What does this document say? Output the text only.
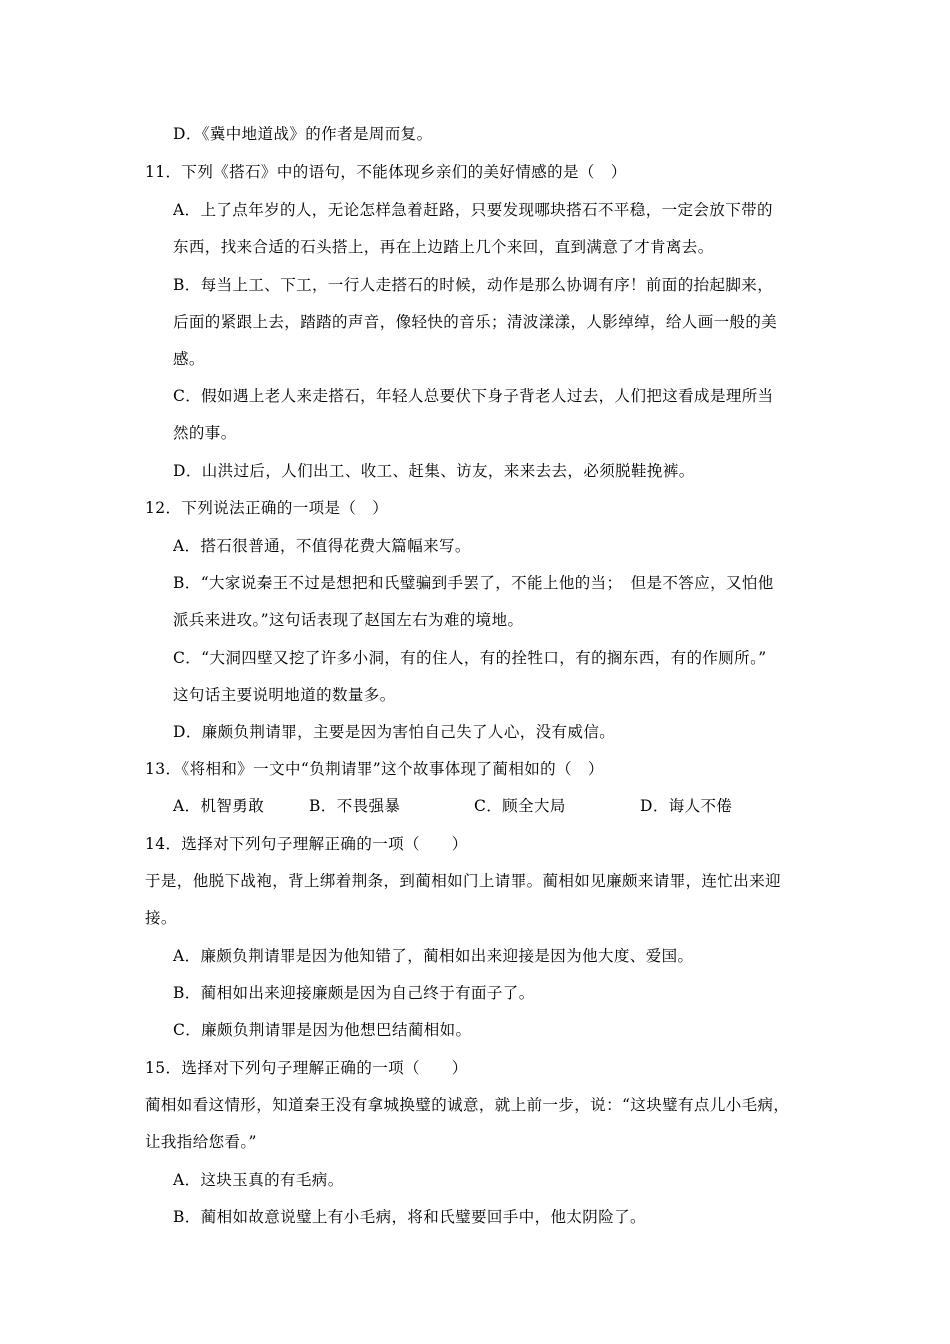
D．《冀中地道战》的作者是周而复。
11．下列《搭石》中的语句，不能体现乡亲们的美好情感的是（　）
A．上了点年岁的人，无论怎样急着赶路，只要发现哪块搭石不平稳，一定会放下带的
东西，找来合适的石头搭上，再在上边踏上几个来回，直到满意了才肯离去。
B．每当上工、下工，一行人走搭石的时候，动作是那么协调有序！前面的抬起脚来，
后面的紧跟上去，踏踏的声音，像轻快的音乐；清波漾漾，人影绰绰，给人画一般的美
感。
C．假如遇上老人来走搭石，年轻人总要伏下身子背老人过去，人们把这看成是理所当
然的事。
D．山洪过后，人们出工、收工、赶集、访友，来来去去，必须脱鞋挽裤。
12．下列说法正确的一项是（　）
A．搭石很普通，不值得花费大篇幅来写。
B．“大家说秦王不过是想把和氏璧骗到手罢了，不能上他的当；　但是不答应，又怕他
派兵来进攻。”这句话表现了赵国左右为难的境地。
C．“大洞四壁又挖了许多小洞，有的住人，有的拴牲口，有的搁东西，有的作厕所。”
这句话主要说明地道的数量多。
D．廉颇负荆请罪，主要是因为害怕自己失了人心，没有威信。
13．《将相和》一文中“负荆请罪”这个故事体现了蔺相如的（　）
A．机智勇敢	B．不畏强暴	C．顾全大局	D．诲人不倦
14．选择对下列句子理解正确的一项（　　）
于是，他脱下战袍，背上绑着荆条，到蔺相如门上请罪。蔺相如见廉颇来请罪，连忙出来迎
接。
A．廉颇负荆请罪是因为他知错了，蔺相如出来迎接是因为他大度、爱国。
B．蔺相如出来迎接廉颇是因为自己终于有面子了。
C．廉颇负荆请罪是因为他想巴结蔺相如。
15．选择对下列句子理解正确的一项（　　）
蔺相如看这情形，知道秦王没有拿城换璧的诚意，就上前一步，说：“这块璧有点儿小毛病，
让我指给您看。”
A．这块玉真的有毛病。
B．蔺相如故意说璧上有小毛病，将和氏璧要回手中，他太阴险了。
